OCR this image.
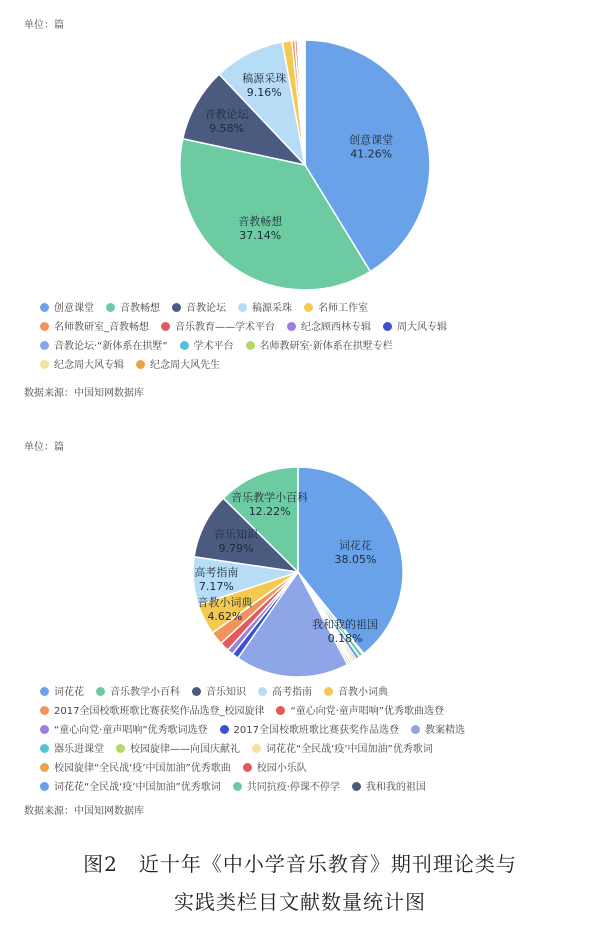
单位：篇
创意课堂
41.26%
音教畅想
37.14%
音教论坛
9.58%
稿源采珠
9.16%
创意课堂	音教畅想	音教论坛	稿源采珠	名师工作室
名师教研室_音教畅想	音乐教育——学术平台	纪念顾西林专辑	周大风专辑
音教论坛·“新体系在拱墅”	学术平台	名师教研室·新体系在拱墅专栏
纪念周大风专辑	纪念周大风先生
数据来源：中国知网数据库
单位：篇
词花花
38.05%
我和我的祖国
0.18%
音教小词典
4.62%
高考指南
7.17%
音乐知识
9.79%
音乐教学小百科
12.22%
词花花	音乐教学小百科	音乐知识	高考指南	音教小词典
2017全国校歌班歌比赛获奖作品选登_校园旋律	“童心向党·童声唱响”优秀歌曲选登
“童心向党·童声唱响”优秀歌词选登	2017全国校歌班歌比赛获奖作品选登	教案精选
器乐进课堂	校园旋律——向国庆献礼	词花花“全民战‘疫’中国加油”优秀歌词
校园旋律“全民战‘疫’中国加油”优秀歌曲	校园小乐队
词花花“全民战‘疫’中国加油”优秀歌词	共同抗疫·停课不停学	我和我的祖国
数据来源：中国知网数据库
图2　近十年《中小学音乐教育》期刊理论类与
实践类栏目文献数量统计图
